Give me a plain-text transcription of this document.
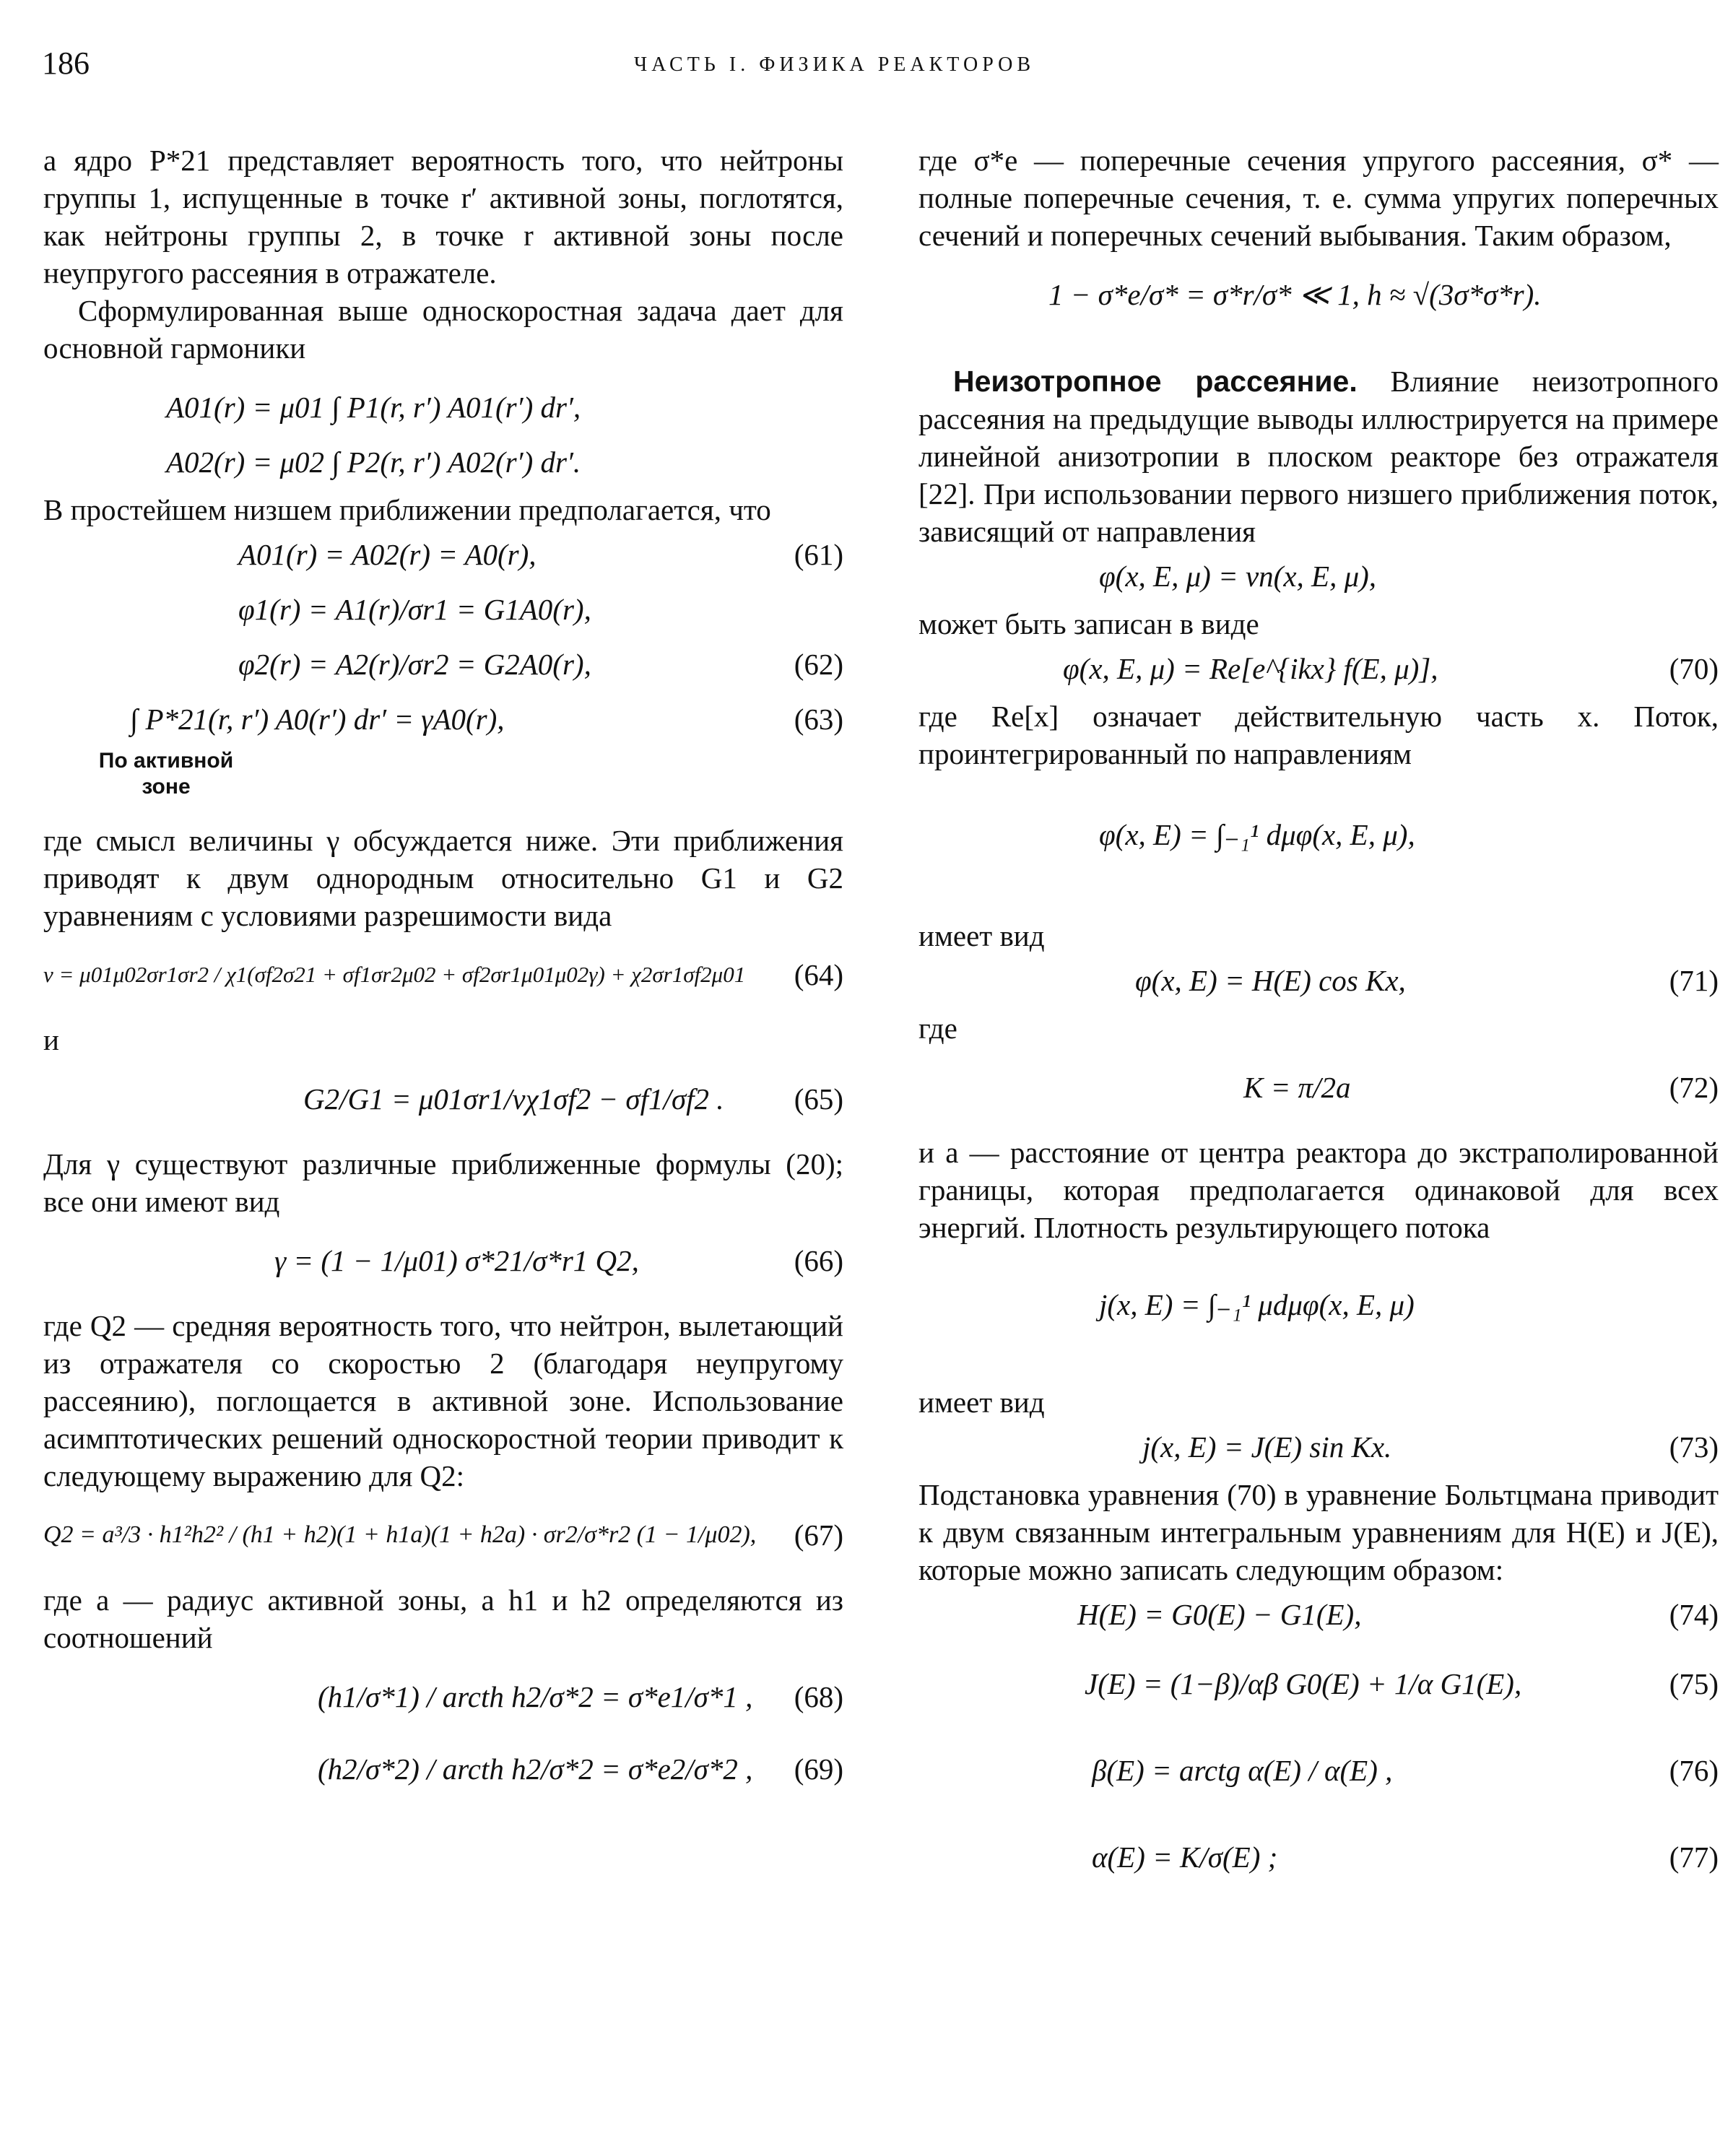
186	ЧАСТЬ I. ФИЗИКА РЕАКТОРОВ

а ядро P*21 представляет вероятность того, что нейтроны группы 1, испущенные в точке r′ активной зоны, поглотятся, как нейтроны группы 2, в точке r активной зоны после неупругого рассеяния в отражателе.

Сформулированная выше односкоростная задача дает для основной гармоники

A01(r) = μ01 ∫ P1(r, r′) A01(r′) dr′,
A02(r) = μ02 ∫ P2(r, r′) A02(r′) dr′.

В простейшем низшем приближении предполагается, что

A01(r) = A02(r) = A0(r),	(61)
φ1(r) = A1(r)/σr1 = G1A0(r),
φ2(r) = A2(r)/σr2 = G2A0(r),	(62)
∫ P*21(r, r′) A0(r′) dr′ = γA0(r),	(63)
По активной зоне

где смысл величины γ обсуждается ниже. Эти приближения приводят к двум однородным относительно G1 и G2 уравнениям с условиями разрешимости вида

ν = μ01μ02σr1σr2 / χ1(σf2σ21 + σf1σr2μ02 + σf2σr1μ01μ02γ) + χ2σr1σf2μ01 (64)

и

G2/G1 = μ01σr1/νχ1σf2 − σf1/σf2 . (65)

Для γ существуют различные приближенные формулы (20); все они имеют вид

γ = (1 − 1/μ01) σ*21/σ*r1 Q2,	(66)

где Q2 — средняя вероятность того, что нейтрон, вылетающий из отражателя со скоростью 2 (благодаря неупругому рассеянию), поглощается в активной зоне. Использование асимптотических решений односкоростной теории приводит к следующему выражению для Q2:

Q2 = a³/3 · h1²h2² / (h1 + h2)(1 + h1a)(1 + h2a) · σr2/σ*r2 (1 − 1/μ02), (67)

где a — радиус активной зоны, а h1 и h2 определяются из соотношений

(h1/σ*1) / arcth h2/σ*2 = σ*e1/σ*1 , (68)
(h2/σ*2) / arcth h2/σ*2 = σ*e2/σ*2 , (69)

где σ*e — поперечные сечения упругого рассеяния, σ* — полные поперечные сечения, т. е. сумма упругих поперечных сечений и поперечных сечений выбывания. Таким образом,

1 − σ*e/σ* = σ*r/σ* ≪ 1, h ≈ √(3σ*σ*r).

Неизотропное рассеяние. Влияние неизотропного рассеяния на предыдущие выводы иллюстрируется на примере линейной анизотропии в плоском реакторе без отражателя [22]. При использовании первого низшего приближения поток, зависящий от направления

φ(x, E, μ) = vn(x, E, μ),

может быть записан в виде

φ(x, E, μ) = Re[e^{ikx} f(E, μ)],	(70)

где Re[x] означает действительную часть x. Поток, проинтегрированный по направлениям

φ(x, E) = ∫₋₁¹ dμφ(x, E, μ),

имеет вид

φ(x, E) = H(E) cos Kx,	(71)

где

K = π/2a	(72)

и a — расстояние от центра реактора до экстраполированной границы, которая предполагается одинаковой для всех энергий. Плотность результирующего потока

j(x, E) = ∫₋₁¹ μdμφ(x, E, μ)

имеет вид

j(x, E) = J(E) sin Kx.	(73)

Подстановка уравнения (70) в уравнение Больтцмана приводит к двум связанным интегральным уравнениям для H(E) и J(E), которые можно записать следующим образом:

H(E) = G0(E) − G1(E),	(74)
J(E) = (1−β)/αβ G0(E) + 1/α G1(E),	(75)
β(E) = arctg α(E) / α(E) ,	(76)
α(E) = K/σ(E) ;	(77)
